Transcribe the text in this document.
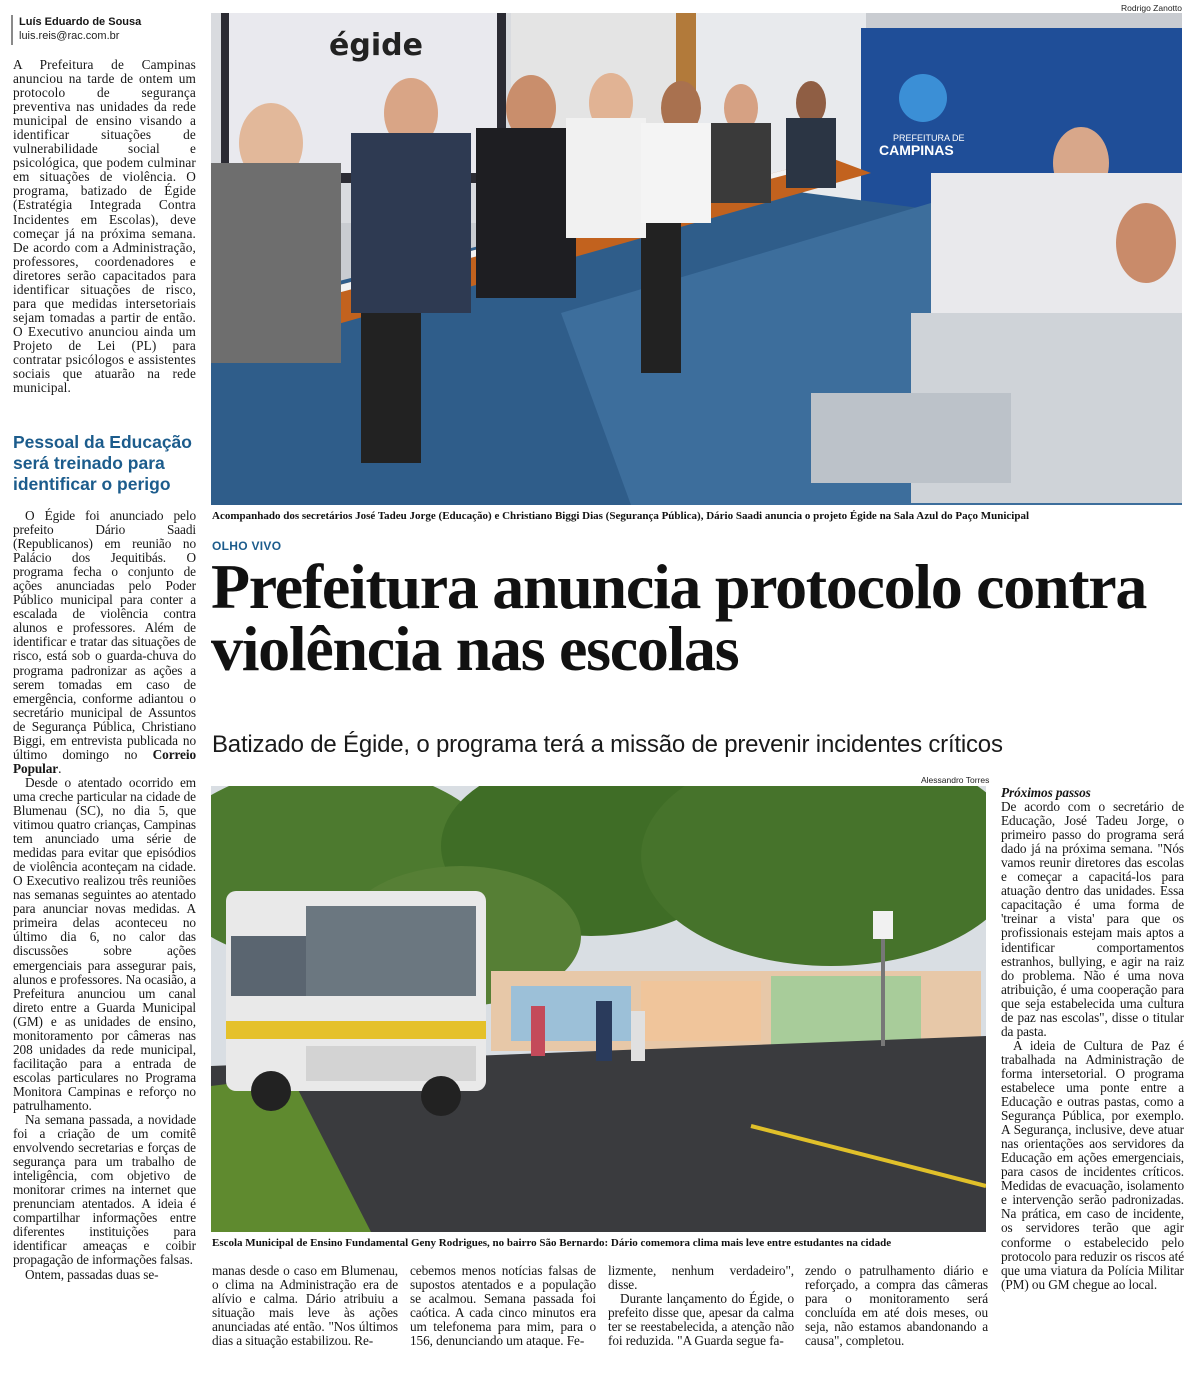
Luís Eduardo de Sousa
luis.reis@rac.com.br

A Prefeitura de Campinas anunciou na tarde de ontem um protocolo de segurança preventiva nas unidades da rede municipal de ensino visando a identificar situações de vulnerabilidade social e psicológica, que podem culminar em situações de violência. O programa, batizado de Égide (Estratégia Integrada Contra Incidentes em Escolas), deve começar já na próxima semana. De acordo com a Administração, professores, coordenadores e diretores serão capacitados para identificar situações de risco, para que medidas intersetoriais sejam tomadas a partir de então. O Executivo anunciou ainda um Projeto de Lei (PL) para contratar psicólogos e assistentes sociais que atuarão na rede municipal.

Pessoal da Educação será treinado para identificar o perigo

O Égide foi anunciado pelo prefeito Dário Saadi (Republicanos) em reunião no Palácio dos Jequitibás. O programa fecha o conjunto de ações anunciadas pelo Poder Público municipal para conter a escalada de violência contra alunos e professores. Além de identificar e tratar das situações de risco, está sob o guarda-chuva do programa padronizar as ações a serem tomadas em caso de emergência, conforme adiantou o secretário municipal de Assuntos de Segurança Pública, Christiano Biggi, em entrevista publicada no último domingo no Correio Popular.

Desde o atentado ocorrido em uma creche particular na cidade de Blumenau (SC), no dia 5, que vitimou quatro crianças, Campinas tem anunciado uma série de medidas para evitar que episódios de violência aconteçam na cidade. O Executivo realizou três reuniões nas semanas seguintes ao atentado para anunciar novas medidas. A primeira delas aconteceu no último dia 6, no calor das discussões sobre ações emergenciais para assegurar pais, alunos e professores. Na ocasião, a Prefeitura anunciou um canal direto entre a Guarda Municipal (GM) e as unidades de ensino, monitoramento por câmeras nas 208 unidades da rede municipal, facilitação para a entrada de escolas particulares no Programa Monitora Campinas e reforço no patrulhamento.

Na semana passada, a novidade foi a criação de um comitê envolvendo secretarias e forças de segurança para um trabalho de inteligência, com objetivo de monitorar crimes na internet que prenunciam atentados. A ideia é compartilhar informações entre diferentes instituições para identificar ameaças e coibir propagação de informações falsas.

Ontem, passadas duas se-

Rodrigo Zanotto
égide
PREFEITURA DE
CAMPINAS
Acompanhado dos secretários José Tadeu Jorge (Educação) e Christiano Biggi Dias (Segurança Pública), Dário Saadi anuncia o projeto Égide na Sala Azul do Paço Municipal
OLHO VIVO
Prefeitura anuncia protocolo contra violência nas escolas
Batizado de Égide, o programa terá a missão de prevenir incidentes críticos
Alessandro Torres
Escola Municipal de Ensino Fundamental Geny Rodrigues, no bairro São Bernardo: Dário comemora clima mais leve entre estudantes na cidade

manas desde o caso em Blumenau, o clima na Administração era de alívio e calma. Dário atribuiu a situação mais leve às ações anunciadas até então. "Nos últimos dias a situação estabilizou. Re-

cebemos menos notícias falsas de supostos atentados e a população se acalmou. Semana passada foi caótica. A cada cinco minutos era um telefonema para mim, para o 156, denunciando um ataque. Fe-

lizmente, nenhum verdadeiro", disse.

Durante lançamento do Égide, o prefeito disse que, apesar da calma ter se reestabelecida, a atenção não foi reduzida. "A Guarda segue fa-

zendo o patrulhamento diário e reforçado, a compra das câmeras para o monitoramento será concluída em até dois meses, ou seja, não estamos abandonando a causa", completou.

Próximos passos

De acordo com o secretário de Educação, José Tadeu Jorge, o primeiro passo do programa será dado já na próxima semana. "Nós vamos reunir diretores das escolas e começar a capacitá-los para atuação dentro das unidades. Essa capacitação é uma forma de 'treinar a vista' para que os profissionais estejam mais aptos a identificar comportamentos estranhos, bullying, e agir na raiz do problema. Não é uma nova atribuição, é uma cooperação para que seja estabelecida uma cultura de paz nas escolas", disse o titular da pasta.

A ideia de Cultura de Paz é trabalhada na Administração de forma intersetorial. O programa estabelece uma ponte entre a Educação e outras pastas, como a Segurança Pública, por exemplo. A Segurança, inclusive, deve atuar nas orientações aos servidores da Educação em ações emergenciais, para casos de incidentes críticos. Medidas de evacuação, isolamento e intervenção serão padronizadas. Na prática, em caso de incidente, os servidores terão que agir conforme o estabelecido pelo protocolo para reduzir os riscos até que uma viatura da Polícia Militar (PM) ou GM chegue ao local.
